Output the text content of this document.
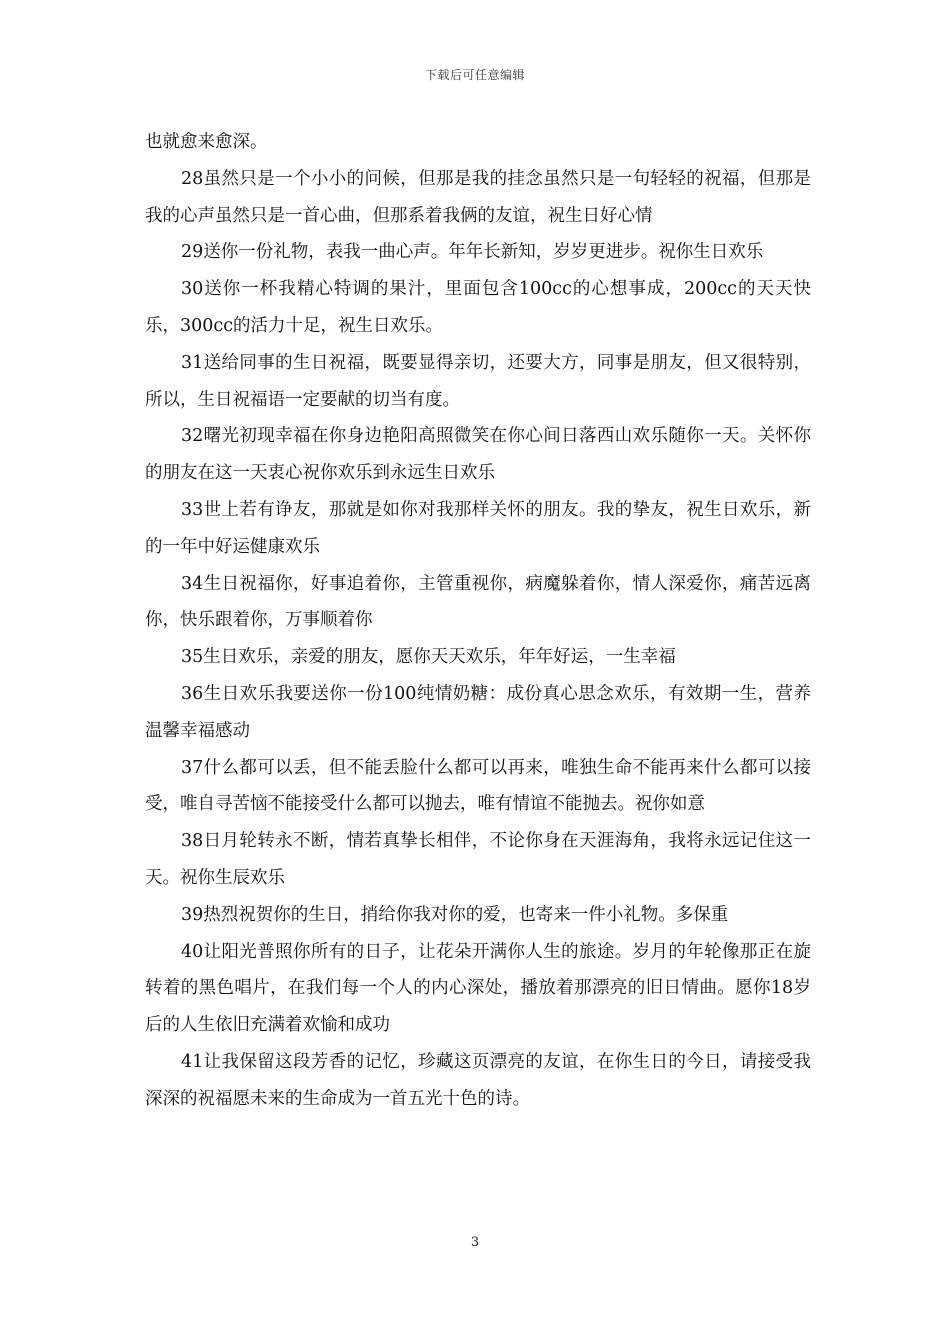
下载后可任意编辑

也就愈来愈深。

28虽然只是一个小小的问候，但那是我的挂念虽然只是一句轻轻的祝福，但那是我的心声虽然只是一首心曲，但那系着我俩的友谊，祝生日好心情

29送你一份礼物，表我一曲心声。年年长新知，岁岁更进步。祝你生日欢乐

30送你一杯我精心特调的果汁，里面包含100cc的心想事成，200cc的天天快乐，300cc的活力十足，祝生日欢乐。

31送给同事的生日祝福，既要显得亲切，还要大方，同事是朋友，但又很特别，所以，生日祝福语一定要献的切当有度。

32曙光初现幸福在你身边艳阳高照微笑在你心间日落西山欢乐随你一天。关怀你的朋友在这一天衷心祝你欢乐到永远生日欢乐

33世上若有诤友，那就是如你对我那样关怀的朋友。我的挚友，祝生日欢乐，新的一年中好运健康欢乐

34生日祝福你，好事追着你，主管重视你，病魔躲着你，情人深爱你，痛苦远离你，快乐跟着你，万事顺着你

35生日欢乐，亲爱的朋友，愿你天天欢乐，年年好运，一生幸福

36生日欢乐我要送你一份100纯情奶糖：成份真心思念欢乐，有效期一生，营养温馨幸福感动

37什么都可以丢，但不能丢脸什么都可以再来，唯独生命不能再来什么都可以接受，唯自寻苦恼不能接受什么都可以抛去，唯有情谊不能抛去。祝你如意

38日月轮转永不断，情若真挚长相伴，不论你身在天涯海角，我将永远记住这一天。祝你生辰欢乐

39热烈祝贺你的生日，捎给你我对你的爱，也寄来一件小礼物。多保重

40让阳光普照你所有的日子，让花朵开满你人生的旅途。岁月的年轮像那正在旋转着的黑色唱片，在我们每一个人的内心深处，播放着那漂亮的旧日情曲。愿你18岁后的人生依旧充满着欢愉和成功

41让我保留这段芳香的记忆，珍藏这页漂亮的友谊，在你生日的今日，请接受我深深的祝福愿未来的生命成为一首五光十色的诗。

3
